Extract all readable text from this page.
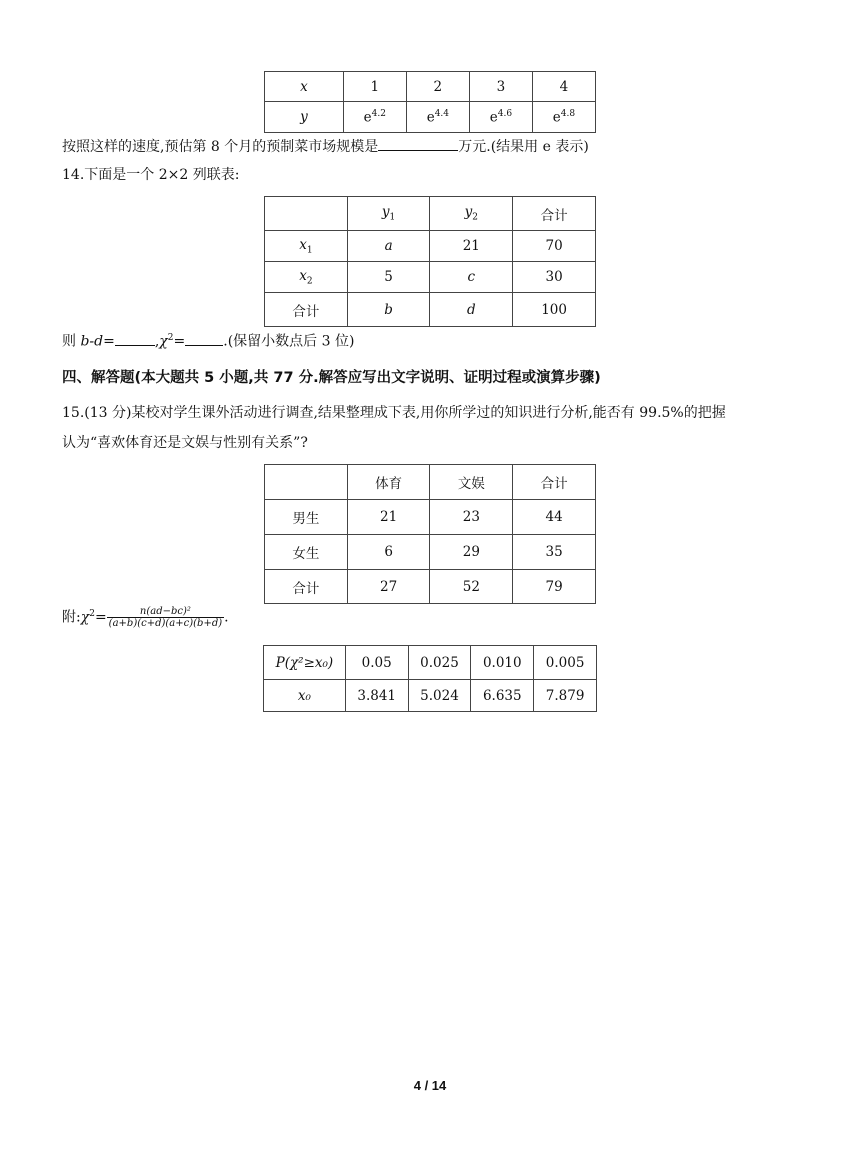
x	1	2	3	4
y	$e^{4.2}$	$e^{4.4}$	$e^{4.6}$	$e^{4.8}$
按照这样的速度,预估第 8 个月的预制菜市场规模是	万元.(结果用 e 表示)
14.下面是一个 2×2 列联表:
	$y_1$	$y_2$	合计
$x_1$	a	21	70
$x_2$	5	c	30
合计	b	d	100
则 b-d=	$,\chi^2=$	.(保留小数点后 3 位)
四、解答题(本大题共 5 小题,共 77 分.解答应写出文字说明、证明过程或演算步骤)
15.(13 分)某校对学生课外活动进行调查,结果整理成下表,用你所学过的知识进行分析,能否有 99.5%的把握
认为“喜欢体育还是文娱与性别有关系”?
	体育	文娱	合计
男生	21	23	44
女生	6	29	35
合计	27	52	79
附$:\chi^2= \frac{\text{n(ad−bc)²}}{(a+b)(c+d)(a+c)(b+d)}$ .
P(χ²≥x₀)	0.05	0.025	0.010	0.005
x₀	3.841	5.024	6.635	7.879
4 / 14
